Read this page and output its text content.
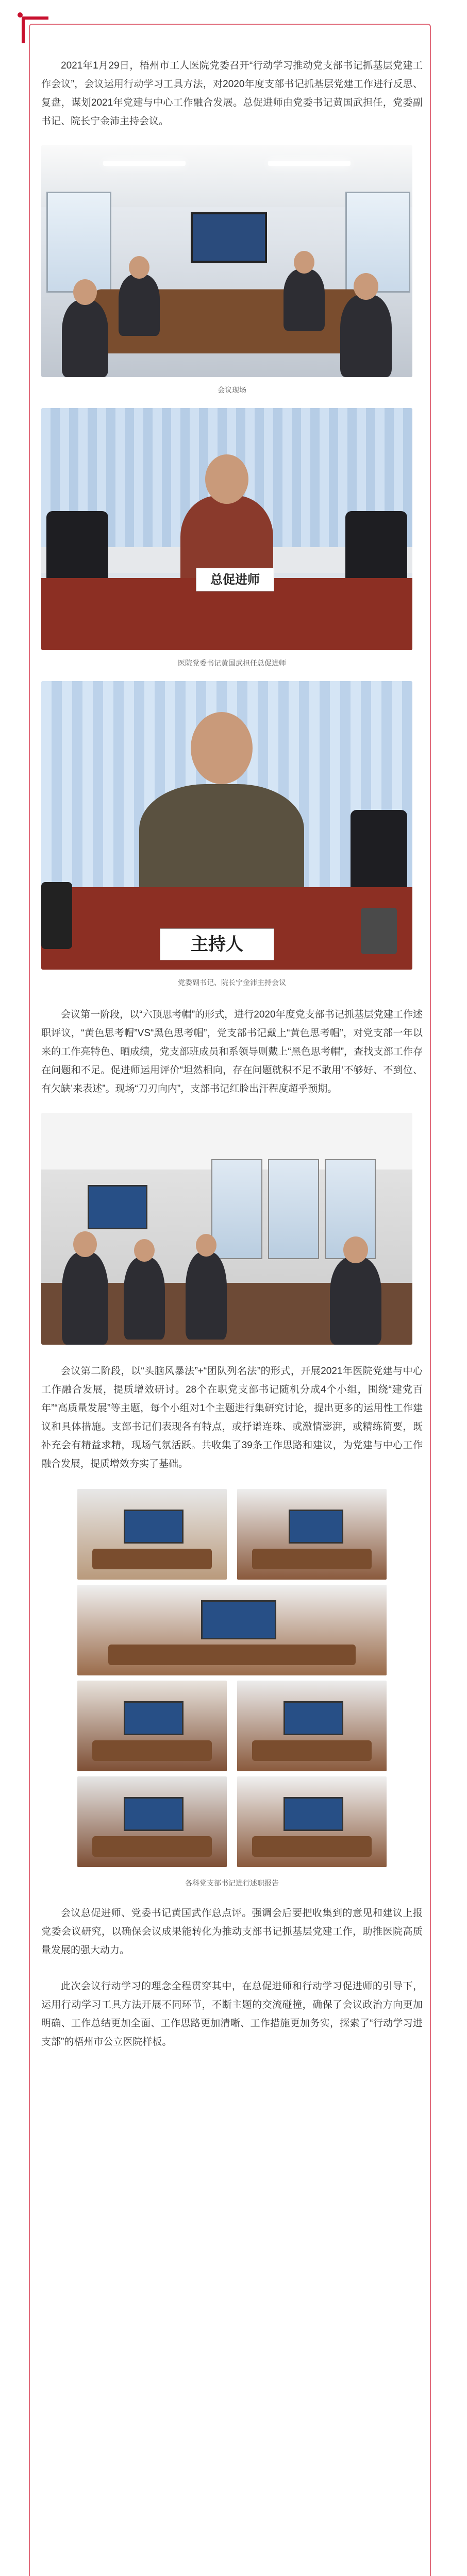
2021年1月29日，梧州市工人医院党委召开“行动学习推动党支部书记抓基层党建工作会议”，会议运用行动学习工具方法，对2020年度支部书记抓基层党建工作进行反思、复盘，谋划2021年党建与中心工作融合发展。总促进师由党委书记黄国武担任，党委副书记、院长宁金沛主持会议。

会议现场
总促进师
医院党委书记黄国武担任总促进师
主持人
党委副书记、院长宁金沛主持会议

会议第一阶段，以“六顶思考帽”的形式，进行2020年度党支部书记抓基层党建工作述职评议，“黄色思考帽”VS“黑色思考帽”，党支部书记戴上“黄色思考帽”，对党支部一年以来的工作亮特色、晒成绩，党支部班成员和系领导则戴上“黑色思考帽”，查找支部工作存在问题和不足。促进师运用评价“坦然相向，存在问题就积不足不敢用‘不够好、不到位、有欠缺’来表述”。现场“刀刃向内”，支部书记红脸出汗程度超乎预期。

会议第二阶段，以“头脑风暴法”+“团队列名法”的形式，开展2021年医院党建与中心工作融合发展，提质增效研讨。28个在职党支部书记随机分成4个小组，围绕“建党百年”“高质量发展”等主题，每个小组对1个主题进行集研究讨论，提出更多的运用性工作建议和具体措施。支部书记们表现各有特点，或抒谱连珠、或激情澎湃，或精练简要，既补充会有精益求精，现场气氛活跃。共收集了39条工作思路和建议，为党建与中心工作融合发展，提质增效夯实了基础。

各科党支部书记进行述职报告

会议总促进师、党委书记黄国武作总点评。强调会后要把收集到的意见和建议上报党委会议研究，以确保会议成果能转化为推动支部书记抓基层党建工作，助推医院高质量发展的强大动力。

此次会议行动学习的理念全程贯穿其中，在总促进师和行动学习促进师的引导下，运用行动学习工具方法开展不同环节，不断主题的交流碰撞，确保了会议政治方向更加明确、工作总结更加全面、工作思路更加清晰、工作措施更加务实，探索了“行动学习进支部”的梧州市公立医院样板。
